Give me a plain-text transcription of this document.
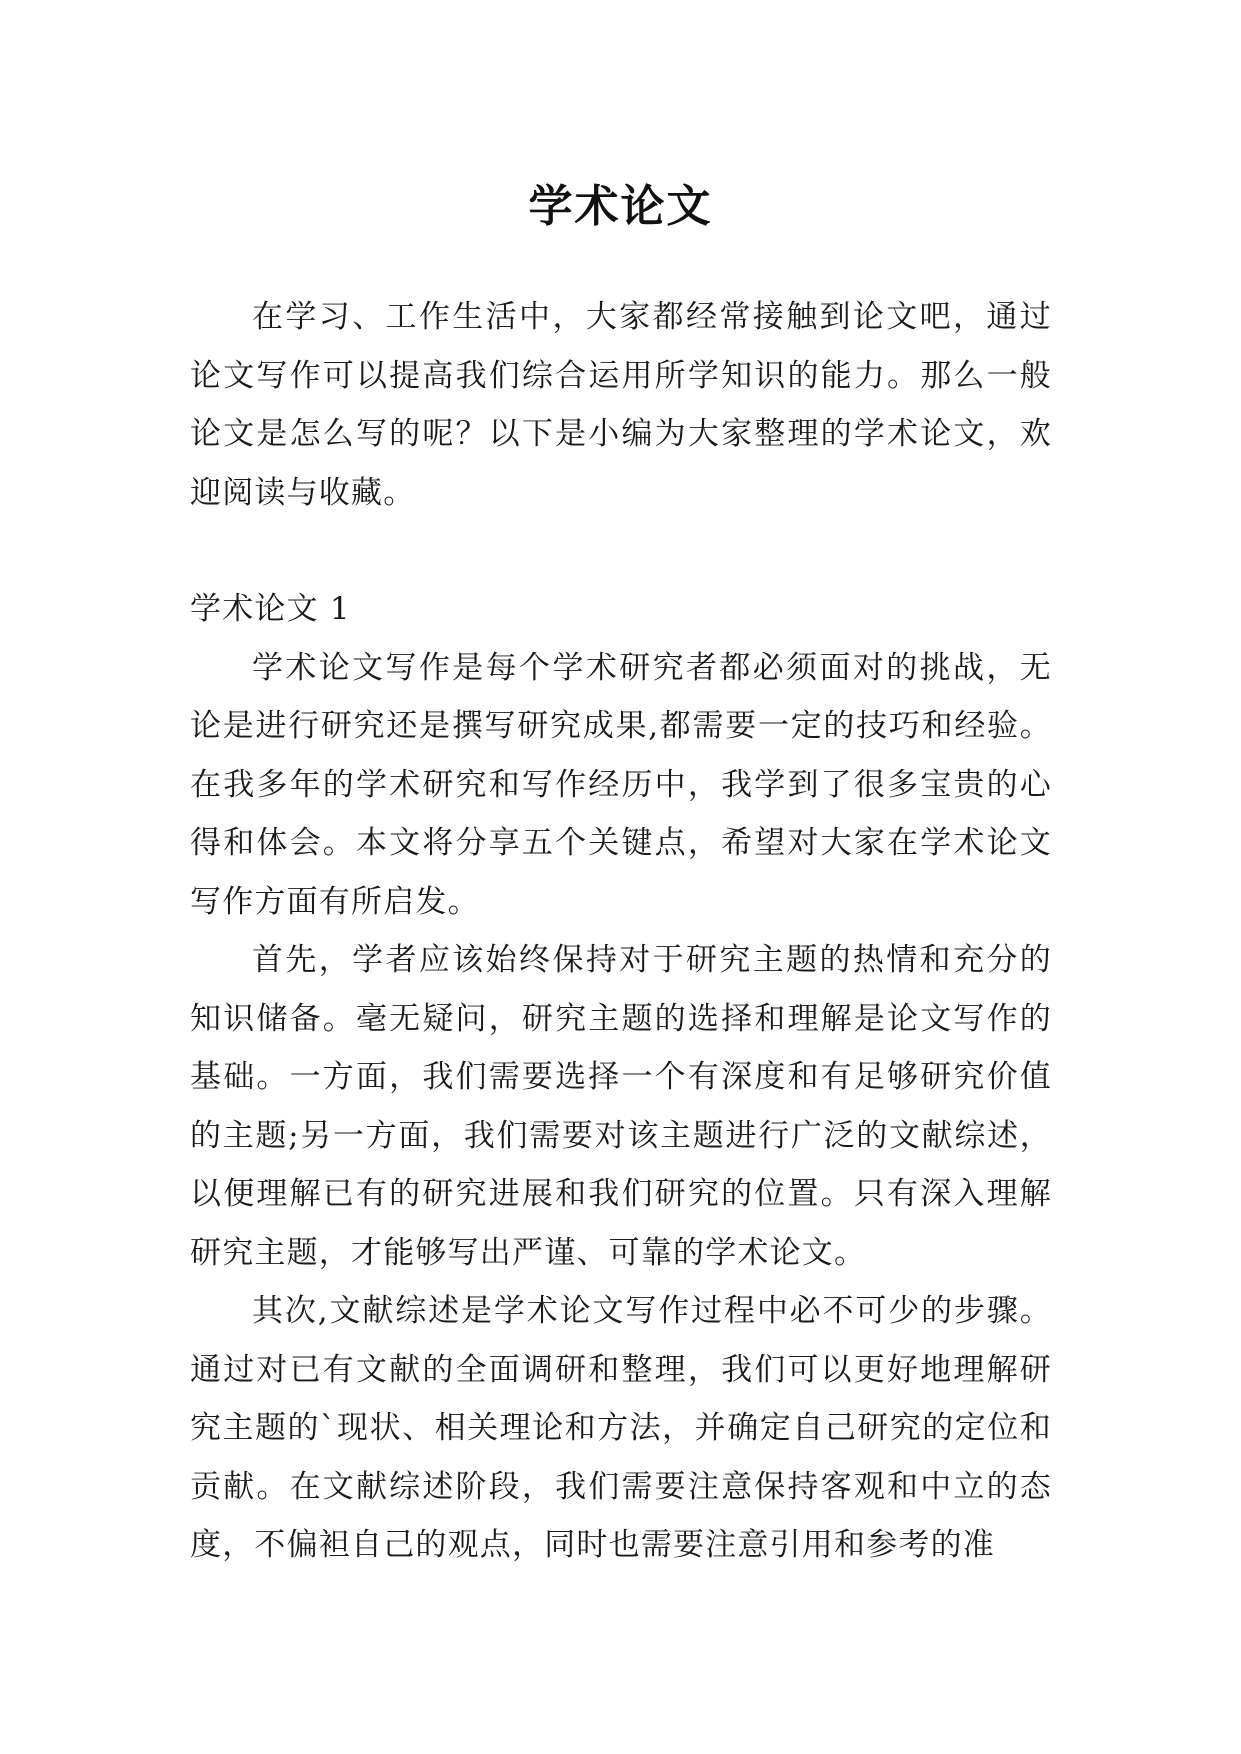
学术论文

在学习、工作生活中，大家都经常接触到论文吧，通过论文写作可以提高我们综合运用所学知识的能力。那么一般论文是怎么写的呢？以下是小编为大家整理的学术论文，欢迎阅读与收藏。

学术论文 1

学术论文写作是每个学术研究者都必须面对的挑战，无论是进行研究还是撰写研究成果,都需要一定的技巧和经验。在我多年的学术研究和写作经历中，我学到了很多宝贵的心得和体会。本文将分享五个关键点，希望对大家在学术论文写作方面有所启发。

首先，学者应该始终保持对于研究主题的热情和充分的知识储备。毫无疑问，研究主题的选择和理解是论文写作的基础。一方面，我们需要选择一个有深度和有足够研究价值的主题;另一方面，我们需要对该主题进行广泛的文献综述，以便理解已有的研究进展和我们研究的位置。只有深入理解研究主题，才能够写出严谨、可靠的学术论文。

其次,文献综述是学术论文写作过程中必不可少的步骤。通过对已有文献的全面调研和整理，我们可以更好地理解研究主题的`现状、相关理论和方法，并确定自己研究的定位和贡献。在文献综述阶段，我们需要注意保持客观和中立的态度，不偏袒自己的观点，同时也需要注意引用和参考的准
